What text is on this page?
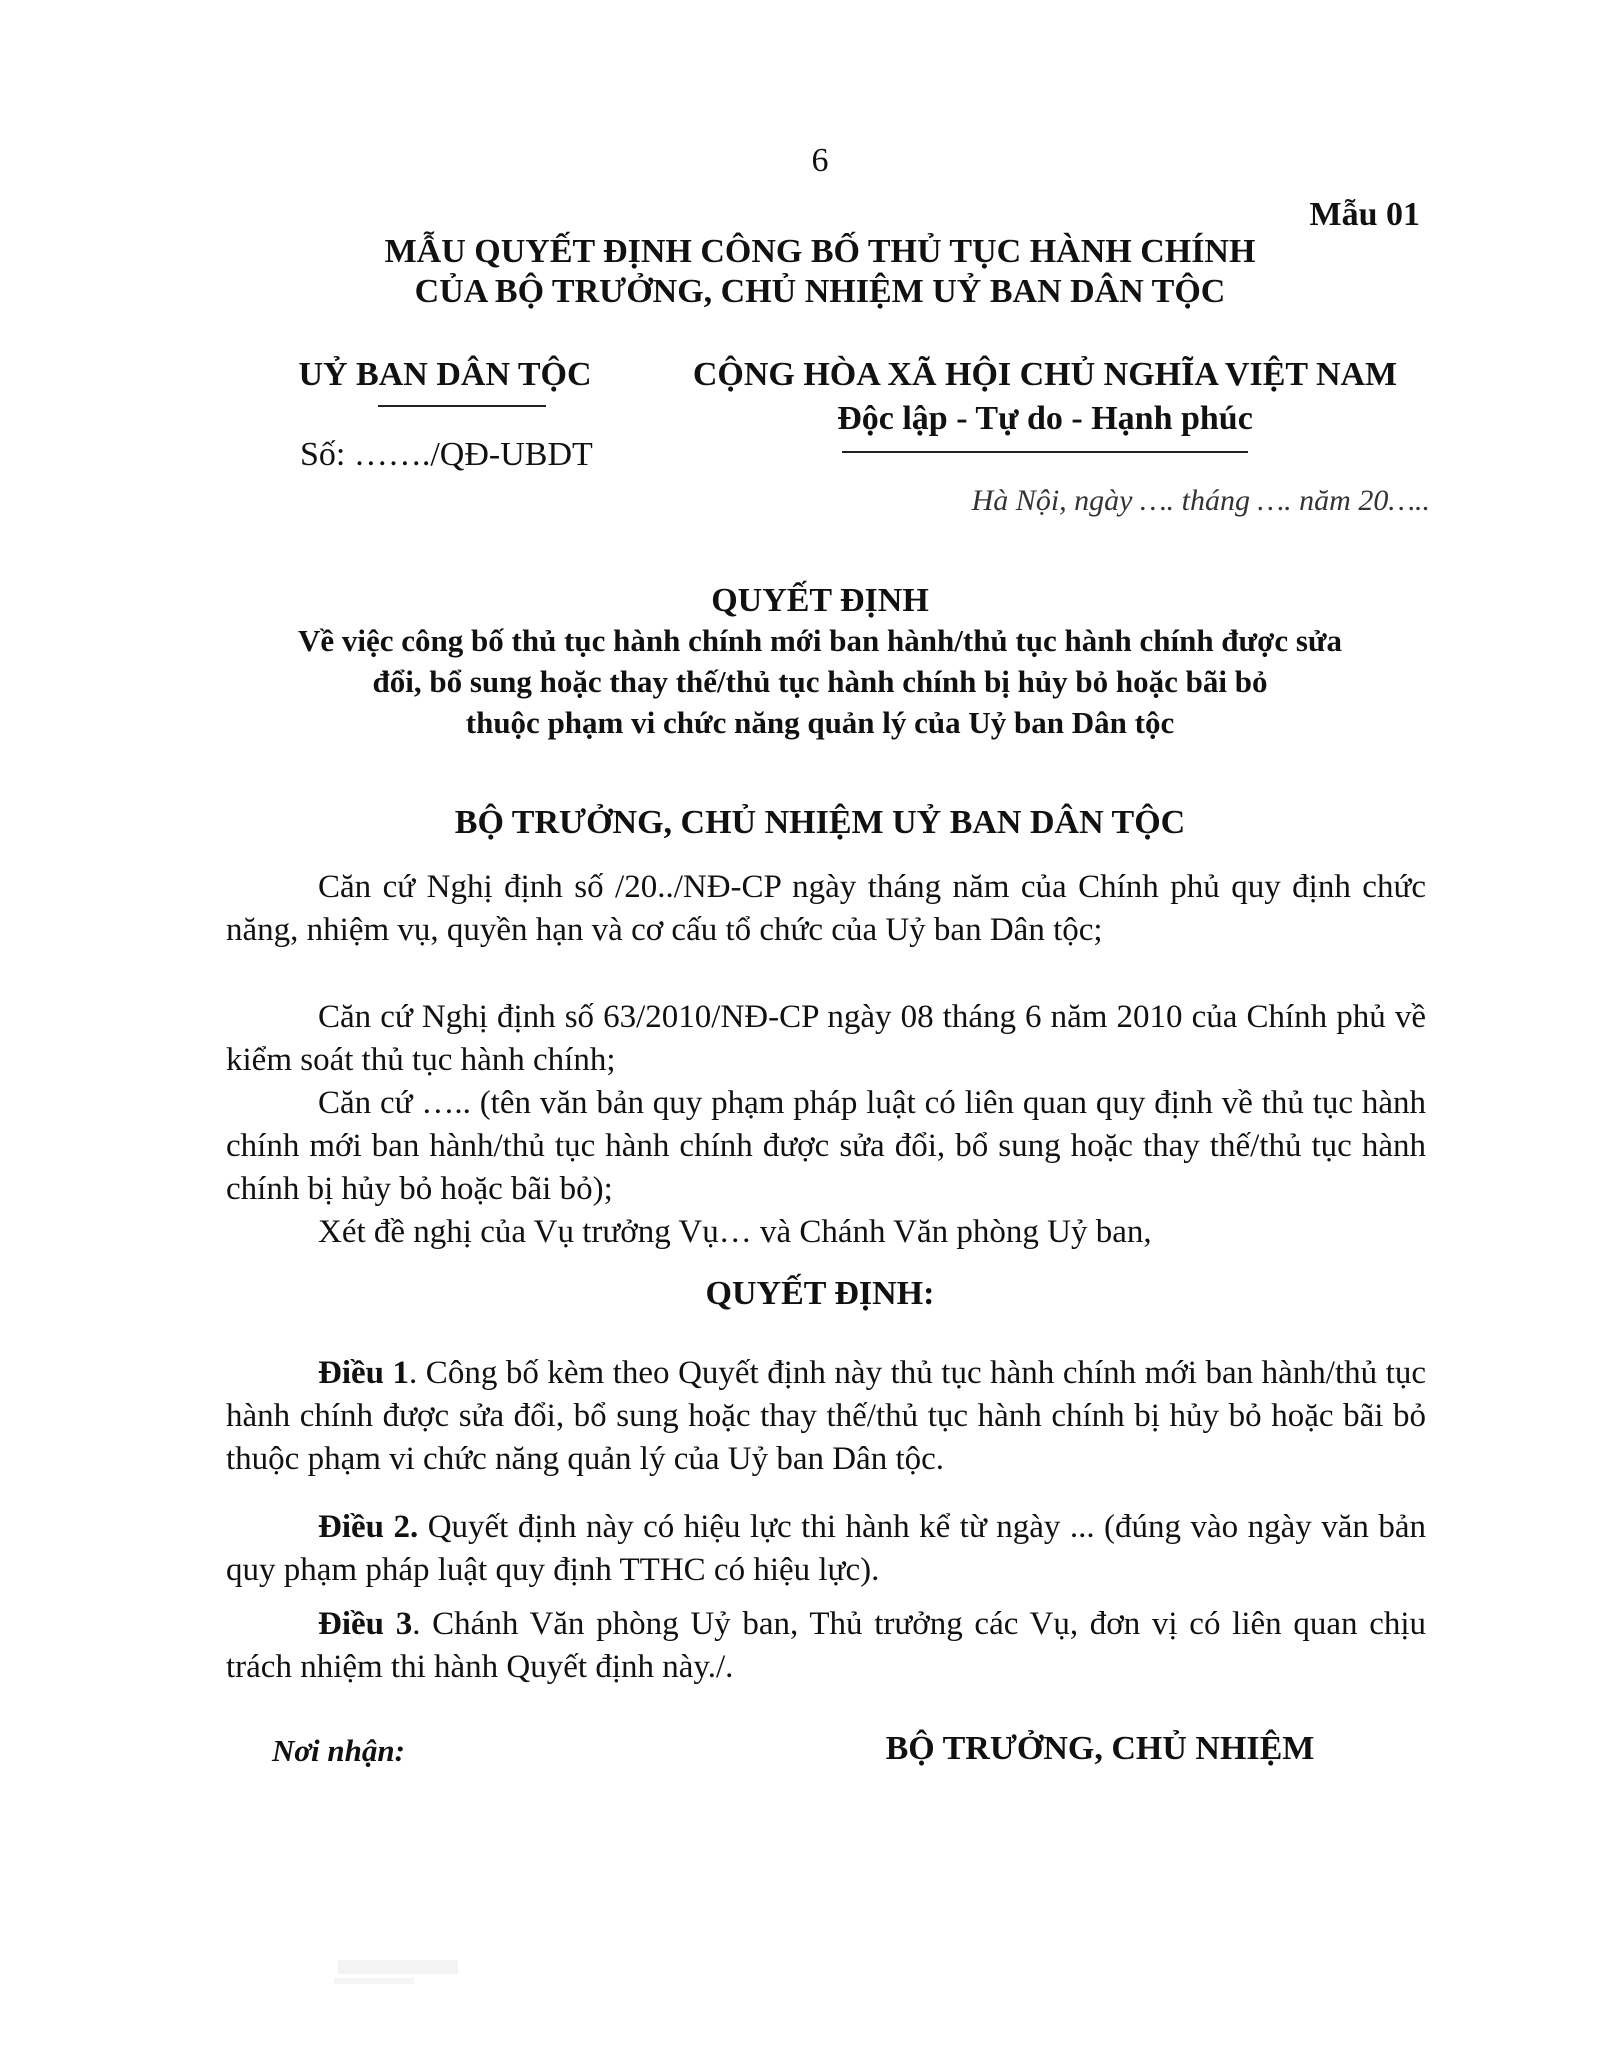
6
Mẫu 01
MẪU QUYẾT ĐỊNH CÔNG BỐ THỦ TỤC HÀNH CHÍNH
CỦA BỘ TRƯỞNG, CHỦ NHIỆM UỶ BAN DÂN TỘC
UỶ BAN DÂN TỘC
Số: ……./QĐ-UBDT
CỘNG HÒA XÃ HỘI CHỦ NGHĨA VIỆT NAM
Độc lập - Tự do - Hạnh phúc
Hà Nội, ngày …. tháng …. năm 20…..
QUYẾT ĐỊNH
Về việc công bố thủ tục hành chính mới ban hành/thủ tục hành chính được sửa
đổi, bổ sung hoặc thay thế/thủ tục hành chính bị hủy bỏ hoặc bãi bỏ
thuộc phạm vi chức năng quản lý của Uỷ ban Dân tộc
BỘ TRƯỞNG, CHỦ NHIỆM UỶ BAN DÂN TỘC
Căn cứ Nghị định số /20../NĐ-CP ngày tháng năm của Chính phủ quy định chức năng, nhiệm vụ, quyền hạn và cơ cấu tổ chức của Uỷ ban Dân tộc;
Căn cứ Nghị định số 63/2010/NĐ-CP ngày 08 tháng 6 năm 2010 của Chính phủ về kiểm soát thủ tục hành chính;
Căn cứ ….. (tên văn bản quy phạm pháp luật có liên quan quy định về thủ tục hành chính mới ban hành/thủ tục hành chính được sửa đổi, bổ sung hoặc thay thế/thủ tục hành chính bị hủy bỏ hoặc bãi bỏ);
Xét đề nghị của Vụ trưởng Vụ… và Chánh Văn phòng Uỷ ban,
QUYẾT ĐỊNH:
Điều 1. Công bố kèm theo Quyết định này thủ tục hành chính mới ban hành/thủ tục hành chính được sửa đổi, bổ sung hoặc thay thế/thủ tục hành chính bị hủy bỏ hoặc bãi bỏ thuộc phạm vi chức năng quản lý của Uỷ ban Dân tộc.
Điều 2. Quyết định này có hiệu lực thi hành kể từ ngày ... (đúng vào ngày văn bản quy phạm pháp luật quy định TTHC có hiệu lực).
Điều 3. Chánh Văn phòng Uỷ ban, Thủ trưởng các Vụ, đơn vị có liên quan chịu trách nhiệm thi hành Quyết định này./.
Nơi nhận:	BỘ TRƯỞNG, CHỦ NHIỆM
